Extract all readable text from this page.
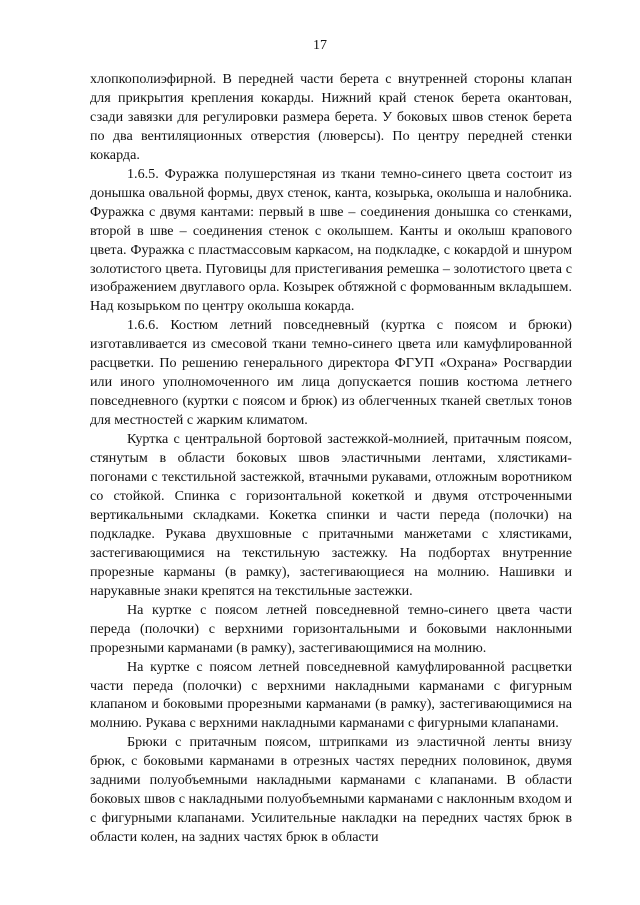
17

хлопкополиэфирной. В передней части берета с внутренней стороны клапан для прикрытия крепления кокарды. Нижний край стенок берета окантован, сзади завязки для регулировки размера берета. У боковых швов стенок берета по два вентиляционных отверстия (люверсы). По центру передней стенки кокарда.

1.6.5. Фуражка полушерстяная из ткани темно-синего цвета состоит из донышка овальной формы, двух стенок, канта, козырька, околыша и налобника. Фуражка с двумя кантами: первый в шве – соединения донышка со стенками, второй в шве – соединения стенок с околышем. Канты и околыш крапового цвета. Фуражка с пластмассовым каркасом, на подкладке, с кокардой и шнуром золотистого цвета. Пуговицы для пристегивания ремешка – золотистого цвета с изображением двуглавого орла. Козырек обтяжной с формованным вкладышем. Над козырьком по центру околыша кокарда.

1.6.6. Костюм летний повседневный (куртка с поясом и брюки) изготавливается из смесовой ткани темно-синего цвета или камуфлированной расцветки. По решению генерального директора ФГУП «Охрана» Росгвардии или иного уполномоченного им лица допускается пошив костюма летнего повседневного (куртки с поясом и брюк) из облегченных тканей светлых тонов для местностей с жарким климатом.

Куртка с центральной бортовой застежкой-молнией, притачным поясом, стянутым в области боковых швов эластичными лентами, хлястиками-погонами с текстильной застежкой, втачными рукавами, отложным воротником со стойкой. Спинка с горизонтальной кокеткой и двумя отстроченными вертикальными складками. Кокетка спинки и части переда (полочки) на подкладке. Рукава двухшовные с притачными манжетами с хлястиками, застегивающимися на текстильную застежку. На подбортах внутренние прорезные карманы (в рамку), застегивающиеся на молнию. Нашивки и нарукавные знаки крепятся на текстильные застежки.

На куртке с поясом летней повседневной темно-синего цвета части переда (полочки) с верхними горизонтальными и боковыми наклонными прорезными карманами (в рамку), застегивающимися на молнию.

На куртке с поясом летней повседневной камуфлированной расцветки части переда (полочки) с верхними накладными карманами с фигурным клапаном и боковыми прорезными карманами (в рамку), застегивающимися на молнию. Рукава с верхними накладными карманами с фигурными клапанами.

Брюки с притачным поясом, штрипками из эластичной ленты внизу брюк, с боковыми карманами в отрезных частях передних половинок, двумя задними полуобъемными накладными карманами с клапанами. В области боковых швов с накладными полуобъемными карманами с наклонным входом и с фигурными клапанами. Усилительные накладки на передних частях брюк в области колен, на задних частях брюк в области
